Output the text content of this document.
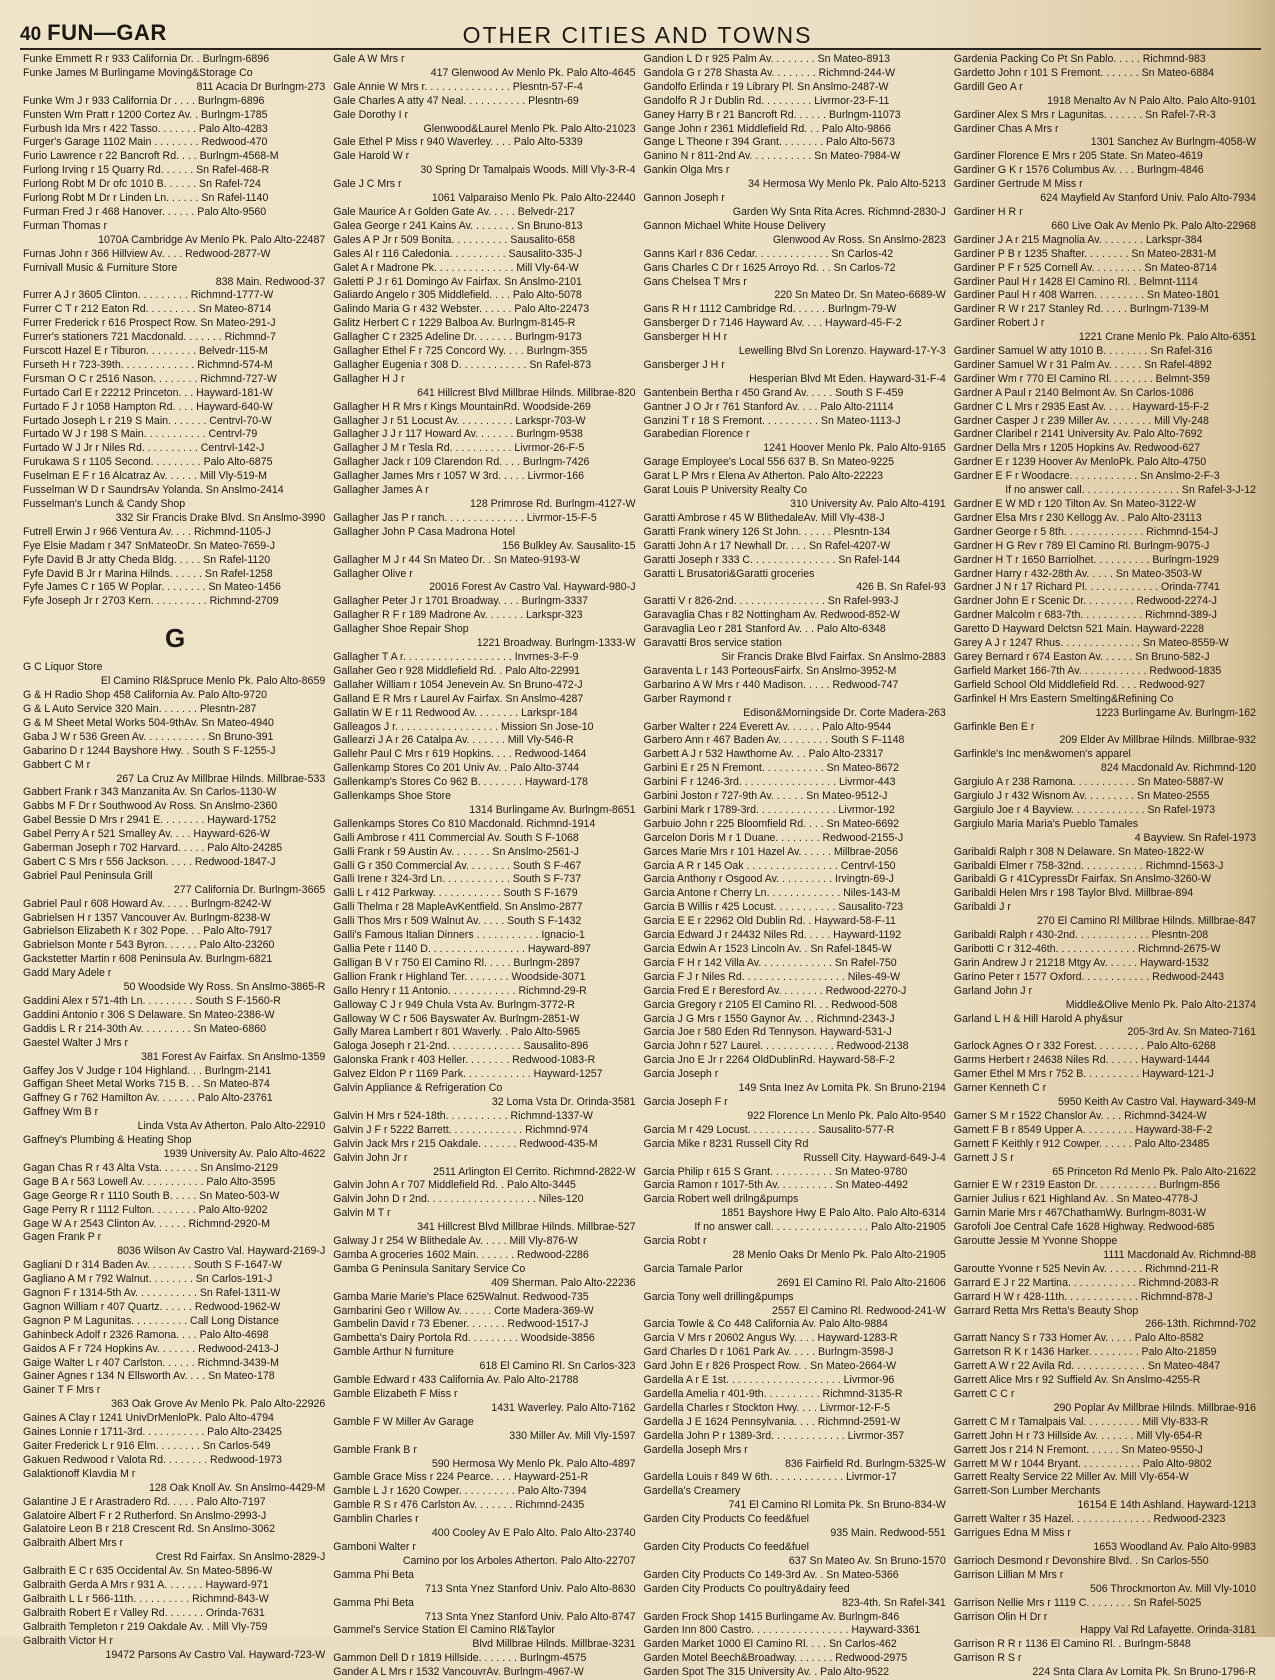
40 FUN—GAR	OTHER CITIES AND TOWNS
Funke Emmett R r 933 California Dr. . Burlngm-6896
Funke James M Burlingame Moving&Storage Co
811 Acacia Dr Burlngm-273
Funke Wm J r 933 California Dr . . . . Burlngm-6896
Funsten Wm Pratt r 1200 Cortez Av. . Burlngm-1785
Furbush Ida Mrs r 422 Tasso. . . . . . . Palo Alto-4283
Furger's Garage 1102 Main . . . . . . . . Redwood-470
Furio Lawrence r 22 Bancroft Rd. . . . Burlngm-4568-M
Furlong Irving r 15 Quarry Rd. . . . . . Sn Rafel-468-R
Furlong Robt M Dr ofc 1010 B. . . . . . Sn Rafel-724
Furlong Robt M Dr r Linden Ln. . . . . . Sn Rafel-1140
Furman Fred J r 468 Hanover. . . . . . Palo Alto-9560
Furman Thomas r
1070A Cambridge Av Menlo Pk. Palo Alto-22487
Furnas John r 366 Hillview Av. . . . Redwood-2877-W
Furnivall Music & Furniture Store
838 Main. Redwood-37
Furrer A J r 3605 Clinton. . . . . . . . . Richmnd-1777-W
Furrer C T r 212 Eaton Rd. . . . . . . . . Sn Mateo-8714
Furrer Frederick r 616 Prospect Row. Sn Mateo-291-J
Furrer's stationers 721 Macdonald. . . . . . . Richmnd-7
Furscott Hazel E r Tiburon. . . . . . . . . Belvedr-115-M
Furseth H r 723-39th. . . . . . . . . . . . . Richmnd-574-M
Fursman O C r 2516 Nason. . . . . . . . Richmnd-727-W
Furtado Carl E r 22212 Princeton. . . Hayward-181-W
Furtado F J r 1058 Hampton Rd. . . . Hayward-640-W
Furtado Joseph L r 219 S Main. . . . . . . Centrvl-70-W
Furtado W J r 198 S Main. . . . . . . . . . . Centrvl-79
Furtado W J Jr r Niles Rd. . . . . . . . . . Centrvl-142-J
Furukawa S r 1105 Second. . . . . . . . . Palo Alto-6875
Fuselman E F r 16 Alcatraz Av. . . . . . Mill Vly-519-M
Fusselman W D r SaundrsAv Yolanda. Sn Anslmo-2414
Fusselman's Lunch & Candy Shop
332 Sir Francis Drake Blvd. Sn Anslmo-3990
Futrell Erwin J r 966 Ventura Av. . . . Richmnd-1105-J
Fye Elsie Madam r 347 SnMateoDr. Sn Mateo-7659-J
Fyfe David B Jr atty Cheda Bldg. . . . . Sn Rafel-1120
Fyfe David B Jr r Marina Hilnds. . . . . . Sn Rafel-1258
Fyfe James C r 165 W Poplar. . . . . . . . Sn Mateo-1456
Fyfe Joseph Jr r 2703 Kern. . . . . . . . . . Richmnd-2709
G
G C Liquor Store
El Camino Rl&Spruce Menlo Pk. Palo Alto-8659
G & H Radio Shop 458 California Av. Palo Alto-9720
G & L Auto Service 320 Main. . . . . . . Plesntn-287
G & M Sheet Metal Works 504-9thAv. Sn Mateo-4940
Gaba J W r 536 Green Av. . . . . . . . . . . Sn Bruno-391
Gabarino D r 1244 Bayshore Hwy. . South S F-1255-J
Gabbert C M r
267 La Cruz Av Millbrae Hilnds. Millbrae-533
Gabbert Frank r 343 Manzanita Av. Sn Carlos-1130-W
Gabbs M F Dr r Southwood Av Ross. Sn Anslmo-2360
Gabel Bessie D Mrs r 2941 E. . . . . . . . Hayward-1752
Gabel Perry A r 521 Smalley Av. . . . Hayward-626-W
Gaberman Joseph r 702 Harvard. . . . . Palo Alto-24285
Gabert C S Mrs r 556 Jackson. . . . . Redwood-1847-J
Gabriel Paul Peninsula Grill
277 California Dr. Burlngm-3665
Gabriel Paul r 608 Howard Av. . . . . Burlngm-8242-W
Gabrielsen H r 1357 Vancouver Av. Burlngm-8238-W
Gabrielson Elizabeth K r 302 Pope. . . Palo Alto-7917
Gabrielson Monte r 543 Byron. . . . . . Palo Alto-23260
Gackstetter Martin r 608 Peninsula Av. Burlngm-6821
Gadd Mary Adele r
50 Woodside Wy Ross. Sn Anslmo-3865-R
Gaddini Alex r 571-4th Ln. . . . . . . . . South S F-1560-R
Gaddini Antonio r 306 S Delaware. Sn Mateo-2386-W
Gaddis L R r 214-30th Av. . . . . . . . . Sn Mateo-6860
Gaestel Walter J Mrs r
381 Forest Av Fairfax. Sn Anslmo-1359
Gaffey Jos V Judge r 104 Highland. . . Burlngm-2141
Gaffigan Sheet Metal Works 715 B. . . Sn Mateo-874
Gaffney G r 762 Hamilton Av. . . . . . . Palo Alto-23761
Gaffney Wm B r
Linda Vsta Av Atherton. Palo Alto-22910
Gaffney's Plumbing & Heating Shop
1939 University Av. Palo Alto-4622
Gagan Chas R r 43 Alta Vsta. . . . . . . Sn Anslmo-2129
Gage B A r 563 Lowell Av. . . . . . . . . . . Palo Alto-3595
Gage George R r 1110 South B. . . . . Sn Mateo-503-W
Gage Perry R r 1112 Fulton. . . . . . . . Palo Alto-9202
Gage W A r 2543 Clinton Av. . . . . . Richmnd-2920-M
Gagen Frank P r
8036 Wilson Av Castro Val. Hayward-2169-J
Gagliani D r 314 Baden Av. . . . . . . . South S F-1647-W
Gagliano A M r 792 Walnut. . . . . . . . Sn Carlos-191-J
Gagnon F r 1314-5th Av. . . . . . . . . . . Sn Rafel-1311-W
Gagnon William r 407 Quartz. . . . . . Redwood-1962-W
Gagnon P M Lagunitas. . . . . . . . . . Call Long Distance
Gahinbeck Adolf r 2326 Ramona. . . . Palo Alto-4698
Gaidos A F r 724 Hopkins Av. . . . . . . Redwood-2413-J
Gaige Walter L r 407 Carlston. . . . . . Richmnd-3439-M
Gainer Agnes r 134 N Ellsworth Av. . . . Sn Mateo-178
Gainer T F Mrs r
363 Oak Grove Av Menlo Pk. Palo Alto-22926
Gaines A Clay r 1241 UnivDrMenloPk. Palo Alto-4794
Gaines Lonnie r 1711-3rd. . . . . . . . . . . Palo Alto-23425
Gaiter Frederick L r 916 Elm. . . . . . . . Sn Carlos-549
Gakuen Redwood r Valota Rd. . . . . . . . Redwood-1973
Galaktionoff Klavdia M r
128 Oak Knoll Av. Sn Anslmo-4429-M
Galantine J E r Arastradero Rd. . . . . Palo Alto-7197
Galatoire Albert F r 2 Rutherford. Sn Anslmo-2993-J
Galatoire Leon B r 218 Crescent Rd. Sn Anslmo-3062
Galbraith Albert Mrs r
Crest Rd Fairfax. Sn Anslmo-2829-J
Galbraith E C r 635 Occidental Av. Sn Mateo-5896-W
Galbraith Gerda A Mrs r 931 A. . . . . . . Hayward-971
Galbraith L L r 566-11th. . . . . . . . . . Richmnd-843-W
Galbraith Robert E r Valley Rd. . . . . . . Orinda-7631
Galbraith Templeton r 219 Oakdale Av. . Mill Vly-759
Galbraith Victor H r
19472 Parsons Av Castro Val. Hayward-723-W
Gale A W Mrs r
417 Glenwood Av Menlo Pk. Palo Alto-4645
Gale Annie W Mrs r. . . . . . . . . . . . . . . Plesntn-57-F-4
Gale Charles A atty 47 Neal. . . . . . . . . . . Plesntn-69
Gale Dorothy I r
Glenwood&Laurel Menlo Pk. Palo Alto-21023
Gale Ethel P Miss r 940 Waverley. . . . Palo Alto-5339
Gale Harold W r
30 Spring Dr Tamalpais Woods. Mill Vly-3-R-4
Gale J C Mrs r
1061 Valparaiso Menlo Pk. Palo Alto-22440
Gale Maurice A r Golden Gate Av. . . . . Belvedr-217
Galea George r 241 Kains Av. . . . . . . . Sn Bruno-813
Gales A P Jr r 509 Bonita. . . . . . . . . . Sausalito-658
Gales Al r 116 Caledonia. . . . . . . . . . Sausalito-335-J
Galet A r Madrone Pk. . . . . . . . . . . . . . Mill Vly-64-W
Galetti P J r 61 Domingo Av Fairfax. Sn Anslmo-2101
Galiardo Angelo r 305 Middlefield. . . . Palo Alto-5078
Galindo Maria G r 432 Webster. . . . . . Palo Alto-22473
Galitz Herbert C r 1229 Balboa Av. Burlngm-8145-R
Gallagher C r 2325 Adeline Dr. . . . . . . Burlngm-9173
Gallagher Ethel F r 725 Concord Wy. . . . Burlngm-355
Gallagher Eugenia r 308 D. . . . . . . . . . . . Sn Rafel-873
Gallagher H J r
641 Hillcrest Blvd Millbrae Hilnds. Millbrae-820
Gallagher H R Mrs r Kings MountainRd. Woodside-269
Gallagher J r 51 Locust Av. . . . . . . . . . Larkspr-703-W
Gallagher J J r 117 Howard Av. . . . . . . Burlngm-9538
Gallagher J M r Tesla Rd. . . . . . . . . . . Livrmor-26-F-5
Gallagher Jack r 109 Clarendon Rd. . . . Burlngm-7426
Gallagher James Mrs r 1057 W 3rd. . . . . Livrmor-166
Gallagher James A r
128 Primrose Rd. Burlngm-4127-W
Gallagher Jas P r ranch. . . . . . . . . . . . . . Livrmor-15-F-5
Gallagher John P Casa Madrona Hotel
156 Bulkley Av. Sausalito-15
Gallagher M J r 44 Sn Mateo Dr. . Sn Mateo-9193-W
Gallagher Olive r
20016 Forest Av Castro Val. Hayward-980-J
Gallagher Peter J r 1701 Broadway. . . . Burlngm-3337
Gallagher R F r 189 Madrone Av. . . . . . . Larkspr-323
Gallagher Shoe Repair Shop
1221 Broadway. Burlngm-1333-W
Gallagher T A r. . . . . . . . . . . . . . . . . . . Invrnes-3-F-9
Gallaher Geo r 928 Middlefield Rd. . Palo Alto-22991
Gallaher William r 1054 Jenevein Av. Sn Bruno-472-J
Galland E R Mrs r Laurel Av Fairfax. Sn Anslmo-4287
Gallatin W E r 11 Redwood Av. . . . . . . . Larkspr-184
Galleagos J r. . . . . . . . . . . . . . . . . . Mission Sn Jose-10
Gallearzi J A r 26 Catalpa Av. . . . . . . Mill Vly-546-R
Gallehr Paul C Mrs r 619 Hopkins. . . . Redwood-1464
Gallenkamp Stores Co 201 Univ Av. . Palo Alto-3744
Gallenkamp's Stores Co 962 B. . . . . . . . Hayward-178
Gallenkamps Shoe Store
1314 Burlingame Av. Burlngm-8651
Gallenkamps Stores Co 810 Macdonald. Richmnd-1914
Galli Ambrose r 411 Commercial Av. South S F-1068
Galli Frank r 59 Austin Av. . . . . . . Sn Anslmo-2561-J
Galli G r 350 Commercial Av. . . . . . . . South S F-467
Galli Irene r 324-3rd Ln. . . . . . . . . . . . South S F-737
Galli L r 412 Parkway. . . . . . . . . . . . South S F-1679
Galli Thelma r 28 MapleAvKentfield. Sn Anslmo-2877
Galli Thos Mrs r 509 Walnut Av. . . . . South S F-1432
Galli's Famous Italian Dinners . . . . . . . . . . . Ignacio-1
Gallia Pete r 1140 D. . . . . . . . . . . . . . . . . Hayward-897
Galligan B V r 750 El Camino Rl. . . . . Burlngm-2897
Gallion Frank r Highland Ter. . . . . . . . Woodside-3071
Gallo Henry r 11 Antonio. . . . . . . . . . . . Richmnd-29-R
Galloway C J r 949 Chula Vsta Av. Burlngm-3772-R
Galloway W C r 506 Bayswater Av. Burlngm-2851-W
Gally Marea Lambert r 801 Waverly. . Palo Alto-5965
Galoga Joseph r 21-2nd. . . . . . . . . . . . . Sausalito-896
Galonska Frank r 403 Heller. . . . . . . . Redwood-1083-R
Galvez Eldon P r 1169 Park. . . . . . . . . . . . Hayward-1257
Galvin Appliance & Refrigeration Co
32 Loma Vsta Dr. Orinda-3581
Galvin H Mrs r 524-18th. . . . . . . . . . . Richmnd-1337-W
Galvin J F r 5222 Barrett. . . . . . . . . . . . . Richmnd-974
Galvin Jack Mrs r 215 Oakdale. . . . . . . Redwood-435-M
Galvin John Jr r
2511 Arlington El Cerrito. Richmnd-2822-W
Galvin John A r 707 Middlefield Rd. . Palo Alto-3445
Galvin John D r 2nd. . . . . . . . . . . . . . . . . . . Niles-120
Galvin M T r
341 Hillcrest Blvd Millbrae Hilnds. Millbrae-527
Galway J r 254 W Blithedale Av. . . . . Mill Vly-876-W
Gamba A groceries 1602 Main. . . . . . . Redwood-2286
Gamba G Peninsula Sanitary Service Co
409 Sherman. Palo Alto-22236
Gamba Marie Marie's Place 625Walnut. Redwood-735
Gambarini Geo r Willow Av. . . . . . Corte Madera-369-W
Gambelin David r 73 Ebener. . . . . . . Redwood-1517-J
Gambetta's Dairy Portola Rd. . . . . . . . . Woodside-3856
Gamble Arthur N furniture
618 El Camino Rl. Sn Carlos-323
Gamble Edward r 433 California Av. Palo Alto-21788
Gamble Elizabeth F Miss r
1431 Waverley. Palo Alto-7162
Gamble F W Miller Av Garage
330 Miller Av. Mill Vly-1597
Gamble Frank B r
590 Hermosa Wy Menlo Pk. Palo Alto-4897
Gamble Grace Miss r 224 Pearce. . . . Hayward-251-R
Gamble L J r 1620 Cowper. . . . . . . . . . Palo Alto-7394
Gamble R S r 476 Carlston Av. . . . . . . Richmnd-2435
Gamblin Charles r
400 Cooley Av E Palo Alto. Palo Alto-23740
Gamboni Walter r
Camino por los Arboles Atherton. Palo Alto-22707
Gamma Phi Beta
713 Snta Ynez Stanford Univ. Palo Alto-8630
Gamma Phi Beta
713 Snta Ynez Stanford Univ. Palo Alto-8747
Gammel's Service Station El Camino Rl&Taylor
Blvd Millbrae Hilnds. Millbrae-3231
Gammon Dell D r 1819 Hillside. . . . . . . Burlngm-4575
Gander A L Mrs r 1532 VancouvrAv. Burlngm-4967-W
Gandion L D r 925 Palm Av. . . . . . . . Sn Mateo-8913
Gandola G r 278 Shasta Av. . . . . . . . Richmnd-244-W
Gandolfo Erlinda r 19 Library Pl. Sn Anslmo-2487-W
Gandolfo R J r Dublin Rd. . . . . . . . . Livrmor-23-F-11
Ganey Harry B r 21 Bancroft Rd. . . . . . Burlngm-11073
Gange John r 2361 Middlefield Rd. . . Palo Alto-9866
Gange L Theone r 394 Grant. . . . . . . . Palo Alto-5673
Ganino N r 811-2nd Av. . . . . . . . . . . Sn Mateo-7984-W
Gankin Olga Mrs r
34 Hermosa Wy Menlo Pk. Palo Alto-5213
Gannon Joseph r
Garden Wy Snta Rita Acres. Richmnd-2830-J
Gannon Michael White House Delivery
Glenwood Av Ross. Sn Anslmo-2823
Ganns Karl r 836 Cedar. . . . . . . . . . . . . Sn Carlos-42
Gans Charles C Dr r 1625 Arroyo Rd. . . Sn Carlos-72
Gans Chelsea T Mrs r
220 Sn Mateo Dr. Sn Mateo-6689-W
Gans R H r 1112 Cambridge Rd. . . . . . Burlngm-79-W
Gansberger D r 7146 Hayward Av. . . . Hayward-45-F-2
Gansberger H H r
Lewelling Blvd Sn Lorenzo. Hayward-17-Y-3
Gansberger J H r
Hesperian Blvd Mt Eden. Hayward-31-F-4
Gantenbein Bertha r 450 Grand Av. . . . . South S F-459
Gantner J O Jr r 761 Stanford Av. . . . Palo Alto-21114
Ganzini T r 18 S Fremont. . . . . . . . . . Sn Mateo-1113-J
Garabedian Florence r
1241 Hoover Menlo Pk. Palo Alto-9165
Garage Employee's Local 556 637 B. Sn Mateo-9225
Garat L P Mrs r Elena Av Atherton. Palo Alto-22223
Garat Louis P University Realty Co
310 University Av. Palo Alto-4191
Garatti Ambrose r 45 W BlithedaleAv. Mill Vly-438-J
Garatti Frank winery 126 St John. . . . . . Plesntn-134
Garatti John A r 17 Newhall Dr. . . . Sn Rafel-4207-W
Garatti Joseph r 333 C. . . . . . . . . . . . . . . Sn Rafel-144
Garatti L Brusatori&Garatti groceries
426 B. Sn Rafel-93
Garatti V r 826-2nd. . . . . . . . . . . . . . . . Sn Rafel-993-J
Garavaglia Chas r 82 Nottingham Av. Redwood-852-W
Garavaglia Leo r 281 Stanford Av. . . Palo Alto-6348
Garavatti Bros service station
Sir Francis Drake Blvd Fairfax. Sn Anslmo-2883
Garaventa L r 143 PorteousFairfx. Sn Anslmo-3952-M
Garbarino A W Mrs r 440 Madison. . . . . Redwood-747
Garber Raymond r
Edison&Morningside Dr. Corte Madera-263
Garber Walter r 224 Everett Av. . . . . . Palo Alto-9544
Garbero Ann r 467 Baden Av. . . . . . . . . South S F-1148
Garbett A J r 532 Hawthorne Av. . . Palo Alto-23317
Garbini E r 25 N Fremont. . . . . . . . . . . Sn Mateo-8672
Garbini F r 1246-3rd. . . . . . . . . . . . . . . . . Livrmor-443
Garbini Joston r 727-9th Av. . . . . . Sn Mateo-9512-J
Garbini Mark r 1789-3rd. . . . . . . . . . . . . . Livrmor-192
Garbuio John r 225 Bloomfield Rd. . . . Sn Mateo-6692
Garcelon Doris M r 1 Duane. . . . . . . . Redwood-2155-J
Garces Marie Mrs r 101 Hazel Av. . . . . . Millbrae-2056
Garcia A R r 145 Oak . . . . . . . . . . . . . . . . Centrvl-150
Garcia Anthony r Osgood Av. . . . . . . . . . Irvingtn-69-J
Garcia Antone r Cherry Ln. . . . . . . . . . . . . Niles-143-M
Garcia B Willis r 425 Locust. . . . . . . . . . . Sausalito-723
Garcia E E r 22962 Old Dublin Rd. . Hayward-58-F-11
Garcia Edward J r 24432 Niles Rd. . . . . Hayward-1192
Garcia Edwin A r 1523 Lincoln Av. . Sn Rafel-1845-W
Garcia F H r 142 Villa Av. . . . . . . . . . . . . Sn Rafel-750
Garcia F J r Niles Rd. . . . . . . . . . . . . . . . . . Niles-49-W
Garcia Fred E r Beresford Av. . . . . . . . Redwood-2270-J
Garcia Gregory r 2105 El Camino Rl. . . Redwood-508
Garcia J G Mrs r 1550 Gaynor Av. . . Richmnd-2343-J
Garcia Joe r 580 Eden Rd Tennyson. Hayward-531-J
Garcia John r 527 Laurel. . . . . . . . . . . . . Redwood-2138
Garcia Jno E Jr r 2264 OldDublinRd. Hayward-58-F-2
Garcia Joseph r
149 Snta Inez Av Lomita Pk. Sn Bruno-2194
Garcia Joseph F r
922 Florence Ln Menlo Pk. Palo Alto-9540
Garcia M r 429 Locust. . . . . . . . . . . . Sausalito-577-R
Garcia Mike r 8231 Russell City Rd
Russell City. Hayward-649-J-4
Garcia Philip r 615 S Grant. . . . . . . . . . . Sn Mateo-9780
Garcia Ramon r 1017-5th Av. . . . . . . . . . Sn Mateo-4492
Garcia Robert well drilng&pumps
1851 Bayshore Hwy E Palo Alto. Palo Alto-6314
If no answer call. . . . . . . . . . . . . . . . . Palo Alto-21905
Garcia Robt r
28 Menlo Oaks Dr Menlo Pk. Palo Alto-21905
Garcia Tamale Parlor
2691 El Camino Rl. Palo Alto-21606
Garcia Tony well drilling&pumps
2557 El Camino Rl. Redwood-241-W
Garcia Towle & Co 448 California Av. Palo Alto-9884
Garcia V Mrs r 20602 Angus Wy. . . . Hayward-1283-R
Gard Charles D r 1061 Park Av. . . . . Burlngm-3598-J
Gard John E r 826 Prospect Row. . Sn Mateo-2664-W
Gardella A r E 1st. . . . . . . . . . . . . . . . . . . . Livrmor-96
Gardella Amelia r 401-9th. . . . . . . . . . Richmnd-3135-R
Gardella Charles r Stockton Hwy. . . . Livrmor-12-F-5
Gardella J E 1624 Pennsylvania. . . . Richmnd-2591-W
Gardella John P r 1389-3rd. . . . . . . . . . . . . Livrmor-357
Gardella Joseph Mrs r
836 Fairfield Rd. Burlngm-5325-W
Gardella Louis r 849 W 6th. . . . . . . . . . . . . Livrmor-17
Gardella's Creamery
741 El Camino Rl Lomita Pk. Sn Bruno-834-W
Garden City Products Co feed&fuel
935 Main. Redwood-551
Garden City Products Co feed&fuel
637 Sn Mateo Av. Sn Bruno-1570
Garden City Products Co 149-3rd Av. . Sn Mateo-5366
Garden City Products Co poultry&dairy feed
823-4th. Sn Rafel-341
Garden Frock Shop 1415 Burlingame Av. Burlngm-846
Garden Inn 800 Castro. . . . . . . . . . . . . . . . . Hayward-3361
Garden Market 1000 El Camino Rl. . . . Sn Carlos-462
Garden Motel Beech&Broadway. . . . . . . Redwood-2975
Garden Spot The 315 University Av. . Palo Alto-9522
Gardenia Packing Co Pt Sn Pablo. . . . . Richmnd-983
Gardetto John r 101 S Fremont. . . . . . . Sn Mateo-6884
Gardill Geo A r
1918 Menalto Av N Palo Alto. Palo Alto-9101
Gardiner Alex S Mrs r Lagunitas. . . . . . . Sn Rafel-7-R-3
Gardiner Chas A Mrs r
1301 Sanchez Av Burlngm-4058-W
Gardiner Florence E Mrs r 205 State. Sn Mateo-4619
Gardiner G K r 1576 Columbus Av. . . . Burlngm-4846
Gardiner Gertrude M Miss r
624 Mayfield Av Stanford Univ. Palo Alto-7934
Gardiner H R r
660 Live Oak Av Menlo Pk. Palo Alto-22968
Gardiner J A r 215 Magnolia Av. . . . . . . . Larkspr-384
Gardiner P B r 1235 Shafter. . . . . . . . Sn Mateo-2831-M
Gardiner P F r 525 Cornell Av. . . . . . . . . Sn Mateo-8714
Gardiner Paul H r 1428 El Camino Rl. . Belmnt-1114
Gardiner Paul H r 408 Warren. . . . . . . . . Sn Mateo-1801
Gardiner R W r 217 Stanley Rd. . . . . Burlngm-7139-M
Gardiner Robert J r
1221 Crane Menlo Pk. Palo Alto-6351
Gardiner Samuel W atty 1010 B. . . . . . . . Sn Rafel-316
Gardiner Samuel W r 31 Palm Av. . . . . . Sn Rafel-4892
Gardiner Wm r 770 El Camino Rl. . . . . . . . Belmnt-359
Gardner A Paul r 2140 Belmont Av. Sn Carlos-1086
Gardner C L Mrs r 2935 East Av. . . . . Hayward-15-F-2
Gardner Casper J r 239 Miller Av. . . . . . . . Mill Vly-248
Gardner Claribel r 2141 University Av. Palo Alto-7692
Gardner Della Mrs r 1205 Hopkins Av. Redwood-627
Gardner E r 1239 Hoover Av MenloPk. Palo Alto-4750
Gardner E F r Woodacre. . . . . . . . . . . . Sn Anslmo-2-F-3
If no answer call. . . . . . . . . . . . . . . . . Sn Rafel-3-J-12
Gardner E W MD r 120 Tilton Av. Sn Mateo-3122-W
Gardner Elsa Mrs r 230 Kellogg Av. . Palo Alto-23113
Gardner George r 5 8th. . . . . . . . . . . . . . Richmnd-154-J
Gardner H G Rev r 789 El Camino Rl. Burlngm-9075-J
Gardner H T r 1650 Barriolhet. . . . . . . . . . Burlngm-1929
Gardner Harry r 432-28th Av. . . . . Sn Mateo-3503-W
Gardner J N r 17 Richard Pl. . . . . . . . . . . . . Orinda-7741
Gardner John E r Scenic Dr. . . . . . . . . Redwood-2274-J
Gardner Malcolm r 683-7th. . . . . . . . . . . Richmnd-389-J
Garetto D Hayward Delctsn 521 Main. Hayward-2228
Garey A J r 1247 Rhus. . . . . . . . . . . . . . Sn Mateo-8559-W
Garey Bernard r 674 Easton Av. . . . . . Sn Bruno-582-J
Garfield Market 166-7th Av. . . . . . . . . . . . Redwood-1835
Garfield School Old Middlefield Rd. . . . Redwood-927
Garfinkel H Mrs Eastern Smelting&Refining Co
1223 Burlingame Av. Burlngm-162
Garfinkle Ben E r
209 Elder Av Millbrae Hilnds. Millbrae-932
Garfinkle's Inc men&women's apparel
824 Macdonald Av. Richmnd-120
Gargiulo A r 238 Ramona. . . . . . . . . . . Sn Mateo-5887-W
Gargiulo J r 432 Wisnom Av. . . . . . . . . Sn Mateo-2555
Gargiulo Joe r 4 Bayview. . . . . . . . . . . . . Sn Rafel-1973
Gargiulo Maria Maria's Pueblo Tamales
4 Bayview. Sn Rafel-1973
Garibaldi Ralph r 308 N Delaware. Sn Mateo-1822-W
Garibaldi Elmer r 758-32nd. . . . . . . . . . . Richmnd-1563-J
Garibaldi G r 41CypressDr Fairfax. Sn Anslmo-3260-W
Garibaldi Helen Mrs r 198 Taylor Blvd. Millbrae-894
Garibaldi J r
270 El Camino Rl Millbrae Hilnds. Millbrae-847
Garibaldi Ralph r 430-2nd. . . . . . . . . . . . . Plesntn-208
Garibotti C r 312-46th. . . . . . . . . . . . . . Richmnd-2675-W
Garin Andrew J r 21218 Mtgy Av. . . . . . Hayward-1532
Garino Peter r 1577 Oxford. . . . . . . . . . . . Redwood-2443
Garland John J r
Middle&Olive Menlo Pk. Palo Alto-21374
Garland L H & Hill Harold A phy&sur
205-3rd Av. Sn Mateo-7161
Garlock Agnes O r 332 Forest. . . . . . . . . Palo Alto-6268
Garms Herbert r 24638 Niles Rd. . . . . . Hayward-1444
Garner Ethel M Mrs r 752 B. . . . . . . . . . Hayward-121-J
Garner Kenneth C r
5950 Keith Av Castro Val. Hayward-349-M
Garner S M r 1522 Chanslor Av. . . . Richmnd-3424-W
Garnett F B r 8549 Upper A. . . . . . . . . Hayward-38-F-2
Garnett F Keithly r 912 Cowper. . . . . . Palo Alto-23485
Garnett J S r
65 Princeton Rd Menlo Pk. Palo Alto-21622
Garnier E W r 2319 Easton Dr. . . . . . . . . . . Burlngm-856
Garnier Julius r 621 Highland Av. . Sn Mateo-4778-J
Garnin Marie Mrs r 467ChathamWy. Burlngm-8031-W
Garofoli Joe Central Cafe 1628 Highway. Redwood-685
Garoutte Jessie M Yvonne Shoppe
1111 Macdonald Av. Richmnd-88
Garoutte Yvonne r 525 Nevin Av. . . . . . . Richmnd-211-R
Garrard E J r 22 Martina. . . . . . . . . . . . Richmnd-2083-R
Garrard H W r 428-11th. . . . . . . . . . . . . Richmnd-878-J
Garrard Retta Mrs Retta's Beauty Shop
266-13th. Richmnd-702
Garratt Nancy S r 733 Homer Av. . . . . Palo Alto-8582
Garretson R K r 1436 Harker. . . . . . . . . Palo Alto-21859
Garrett A W r 22 Avila Rd. . . . . . . . . . . . . Sn Mateo-4847
Garrett Alice Mrs r 92 Suffield Av. Sn Anslmo-4255-R
Garrett C C r
290 Poplar Av Millbrae Hilnds. Millbrae-916
Garrett C M r Tamalpais Val. . . . . . . . . . Mill Vly-833-R
Garrett John H r 73 Hillside Av. . . . . . . Mill Vly-654-R
Garrett Jos r 214 N Fremont. . . . . . Sn Mateo-9550-J
Garrett M W r 1044 Bryant. . . . . . . . . . . Palo Alto-9802
Garrett Realty Service 22 Miller Av. Mill Vly-654-W
Garrett-Son Lumber Merchants
16154 E 14th Ashland. Hayward-1213
Garrett Walter r 35 Hazel. . . . . . . . . . . . . . Redwood-2323
Garrigues Edna M Miss r
1653 Woodland Av. Palo Alto-9983
Garrioch Desmond r Devonshire Blvd. . Sn Carlos-550
Garrison Lillian M Mrs r
506 Throckmorton Av. Mill Vly-1010
Garrison Nellie Mrs r 1119 C. . . . . . . . Sn Rafel-5025
Garrison Olin H Dr r
Happy Val Rd Lafayette. Orinda-3181
Garrison R R r 1136 El Camino Rl. . Burlngm-5848
Garrison R S r
224 Snta Clara Av Lomita Pk. Sn Bruno-1796-R
